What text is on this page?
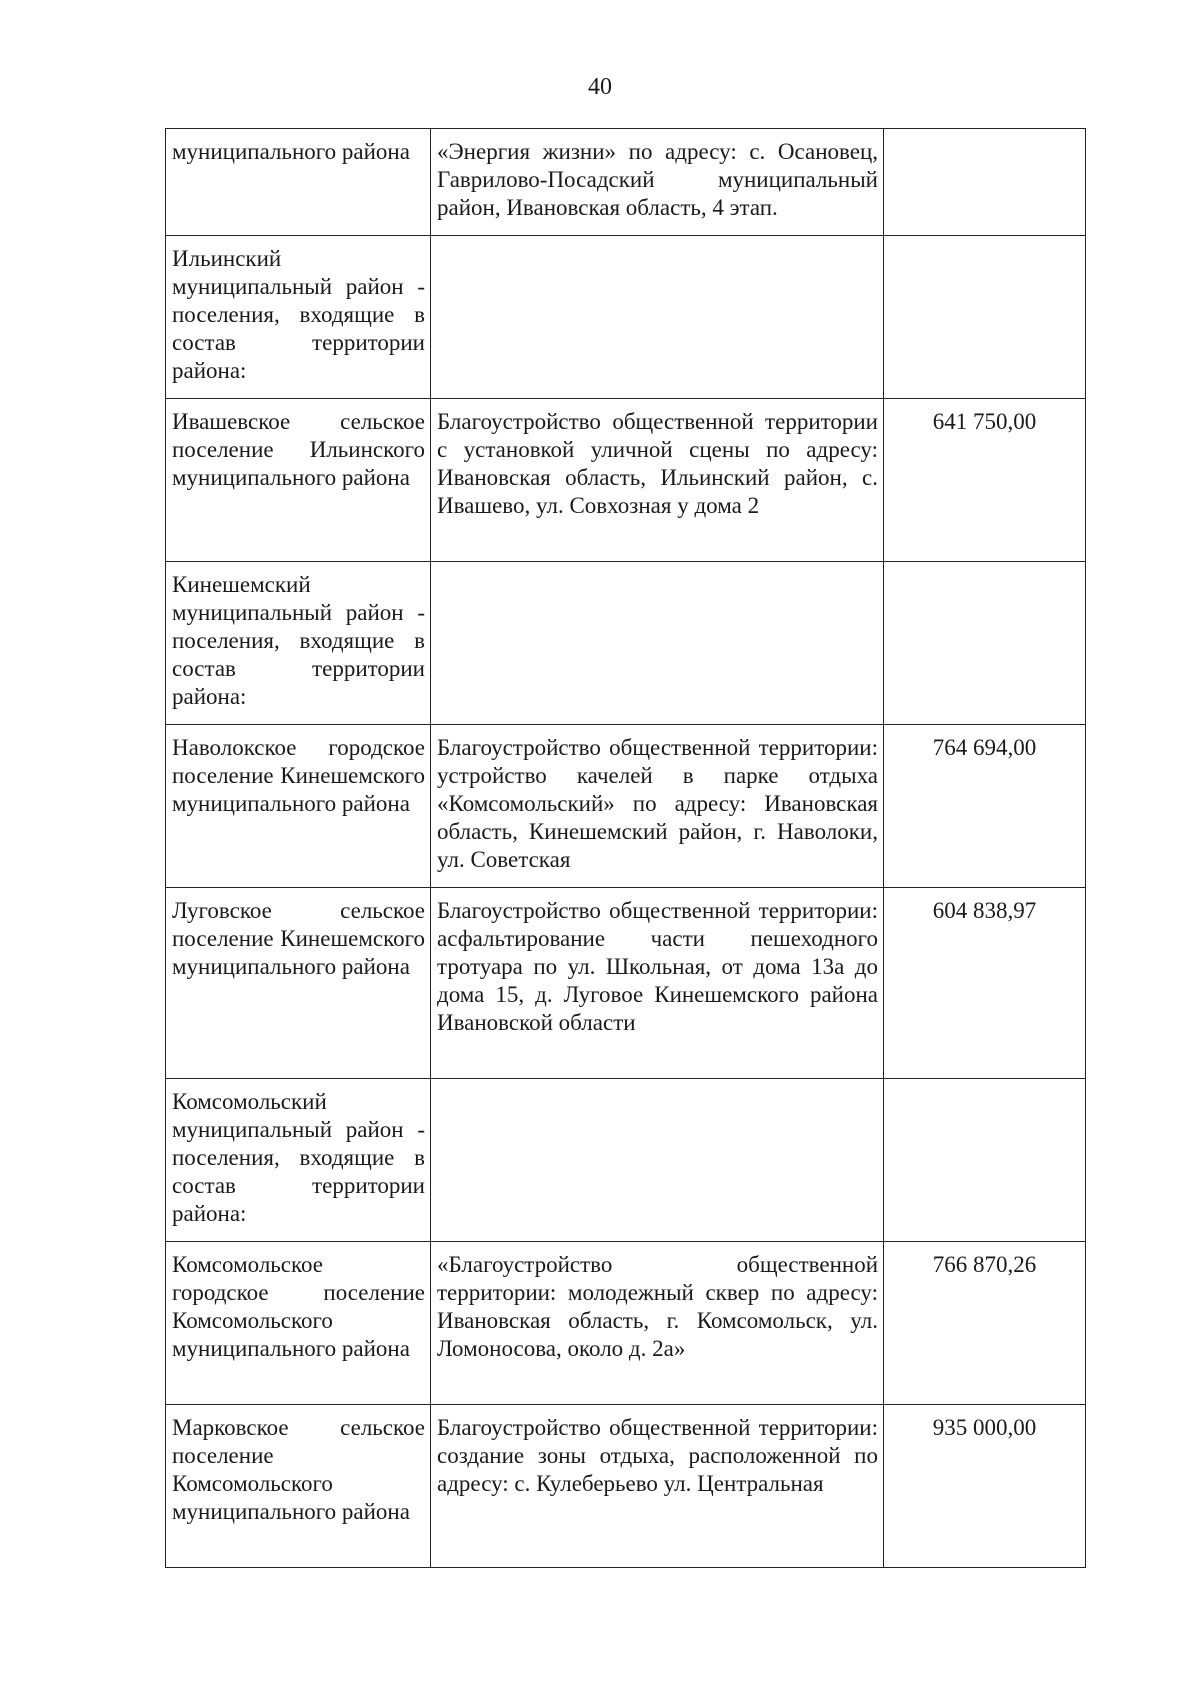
40
муниципального района	«Энергия жизни» по адресу: с. Осановец, Гаврилово-Посадский муниципальный район, Ивановская область, 4 этап.	
Ильинский муниципальный район - поселения, входящие в состав территории района:		
Ивашевское сельское поселение Ильинского муниципального района	Благоустройство общественной территории с установкой уличной сцены по адресу: Ивановская область, Ильинский район, с. Ивашево, ул. Совхозная у дома 2	641 750,00
Кинешемский муниципальный район - поселения, входящие в состав территории района:		
Наволокское городское поселение Кинешемского муниципального района	Благоустройство общественной территории: устройство качелей в парке отдыха «Комсомольский» по адресу: Ивановская область, Кинешемский район, г. Наволоки, ул. Советская	764 694,00
Луговское сельское поселение Кинешемского муниципального района	Благоустройство общественной территории: асфальтирование части пешеходного тротуара по ул. Школьная, от дома 13а до дома 15, д. Луговое Кинешемского района Ивановской области	604 838,97
Комсомольский муниципальный район - поселения, входящие в состав территории района:		
Комсомольское городское поселение Комсомольского муниципального района	«Благоустройство общественной территории: молодежный сквер по адресу: Ивановская область, г. Комсомольск, ул. Ломоносова, около д. 2а»	766 870,26
Марковское сельское поселение Комсомольского муниципального района	Благоустройство общественной территории: создание зоны отдыха, расположенной по адресу: с. Кулеберьево ул. Центральная	935 000,00
